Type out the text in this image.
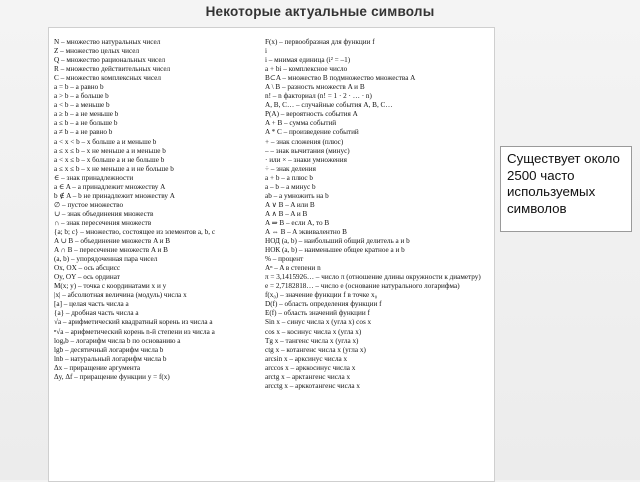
Некоторые актуальные символы
N – множество натуральных чисел
Z – множество целых чисел
Q – множество рациональных чисел
R – множество действительных чисел
C – множество комплексных чисел
a = b – a равно b
a > b – a больше b
a < b – a меньше b
a ≥ b – a не меньше b
a ≤ b – a не больше b
a ≠ b – a не равно b
a < x < b – x больше a и меньше b
a ≤ x ≤ b – x не меньше a и меньше b
a < x ≤ b – x больше a и не больше b
a ≤ x ≤ b – x не меньше a и не больше b
∈ – знак принадлежности
a ∈ A – a принадлежит множеству A
b ∉ A – b не принадлежит множеству A
∅ – пустое множество
∪ – знак объединения множеств
∩ – знак пересечения множеств
{a; b; c} – множество, состоящее из элементов a, b, c
A ∪ B – объединение множеств A и B
A ∩ B – пересечение множеств A и B
(a, b) – упорядоченная пара чисел
Ox, OX – ось абсцисс
Oy, OY – ось ординат
M(x; y) – точка с координатами x и y
|x| – абсолютная величина (модуль) числа x
[a] – целая часть числа a
{a} – дробная часть числа a
√a – арифметический квадратный корень из числа a
ⁿ√a – арифметический корень n-й степени из числа a
logₐb – логарифм числа b по основанию a
lgb – десятичный логарифм числа b
lnb – натуральный логарифм числа b
Δx – приращение аргумента
Δy, Δf – приращение функции y = f(x)
F(x) – первообразная для функции f
i
i – мнимая единица (i² = –1)
a + bi – комплексное число
B⊂A – множество B подмножество множества A
A \ B – разность множеств A и B
n! – n факториал (n! = 1 · 2 · … · n)
A, B, C… – случайные события A, B, C…
P(A) – вероятность события A
A + B – сумма событий
A * C – произведение событий
+ – знак сложения (плюс)
– – знак вычитания (минус)
· или × – знаки умножения
÷ – знак деления
a + b – a плюс b
a – b – a минус b
ab – a умножить на b
A ∨ B – A или B
A ∧ B – A и B
A ⇒ B – если A, то B
A ⇔ B – A эквивалентно B
НОД (a, b) – наибольший общий делитель a и b
НОК (a, b) – наименьшее общее кратное a и b
% – процент
Aⁿ – A в степени n
π = 3,1415926… – число π (отношение длины окружности к диаметру)
e = 2,7182818… – число e (основание натурального логарифма)
f(x₀) – значение функции f в точке x₀
D(f) – область определения функции f
E(f) – область значений функции f
Sin x – синус числа x (угла x) cos x
cos x – косинус числа x (угла x)
Tg x – тангенс числа x (угла x)
ctg x – котангенс числа x (угла x)
arcsin x – арксинус числа x
arccos x – арккосинус числа x
arctg x – арктангенс числа x
arcctg x – арккотангенс числа x
Существует около 2500 часто используемых символов
